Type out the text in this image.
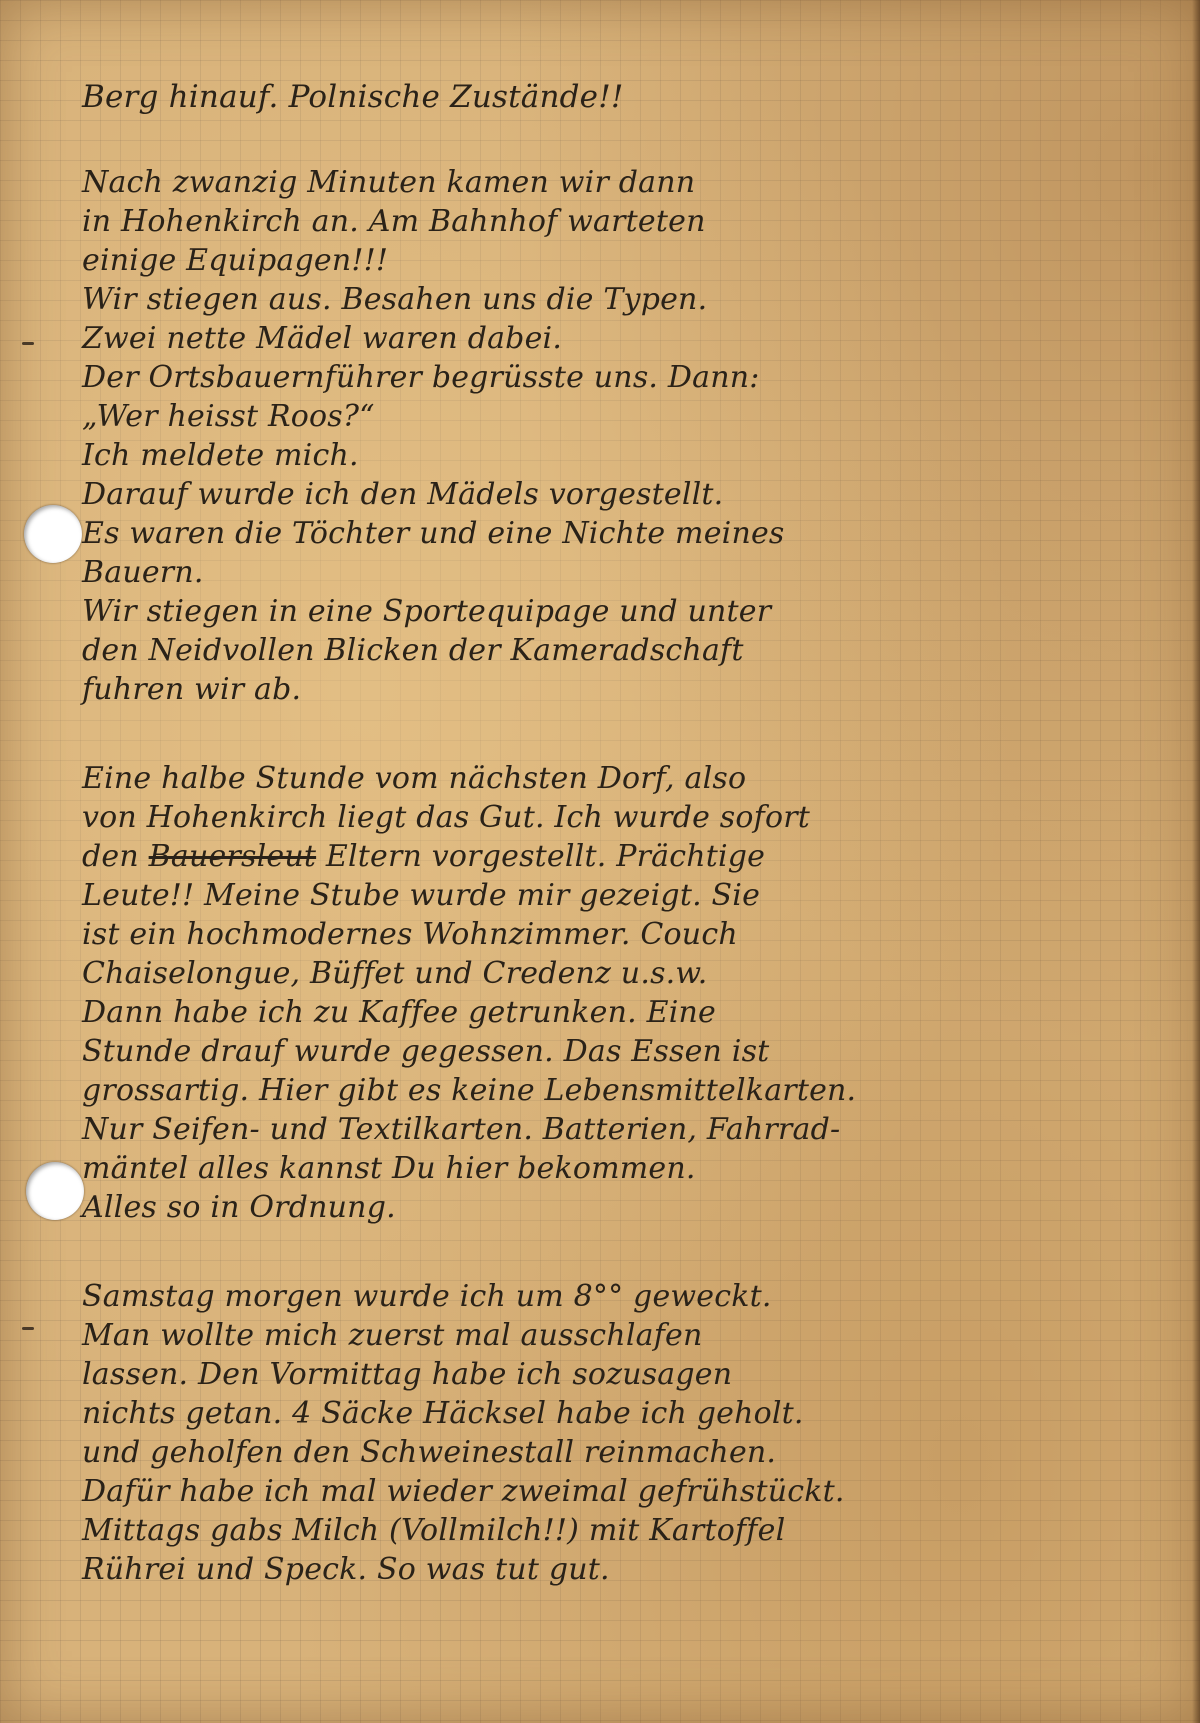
Berg hinauf. Polnische Zustände!!
Nach zwanzig Minuten kamen wir dann
in Hohenkirch an. Am Bahnhof warteten
einige Equipagen!!!
Wir stiegen aus. Besahen uns die Typen.
Zwei nette Mädel waren dabei.
Der Ortsbauernführer begrüsste uns. Dann:
„Wer heisst Roos?“
Ich meldete mich.
Darauf wurde ich den Mädels vorgestellt.
Es waren die Töchter und eine Nichte meines
Bauern.
Wir stiegen in eine Sportequipage und unter
den Neidvollen Blicken der Kameradschaft
fuhren wir ab.
Eine halbe Stunde vom nächsten Dorf, also
von Hohenkirch liegt das Gut. Ich wurde sofort
den Bauersleut Eltern vorgestellt. Prächtige
Leute!! Meine Stube wurde mir gezeigt. Sie
ist ein hochmodernes Wohnzimmer. Couch
Chaiselongue, Büffet und Credenz u.s.w.
Dann habe ich zu Kaffee getrunken. Eine
Stunde drauf wurde gegessen. Das Essen ist
grossartig. Hier gibt es keine Lebensmittelkarten.
Nur Seifen- und Textilkarten. Batterien, Fahrrad-
mäntel alles kannst Du hier bekommen.
Alles so in Ordnung.
Samstag morgen wurde ich um 8°° geweckt.
Man wollte mich zuerst mal ausschlafen
lassen. Den Vormittag habe ich sozusagen
nichts getan. 4 Säcke Häcksel habe ich geholt.
und geholfen den Schweinestall reinmachen.
Dafür habe ich mal wieder zweimal gefrühstückt.
Mittags gabs Milch (Vollmilch!!) mit Kartoffel
Rührei und Speck. So was tut gut.
